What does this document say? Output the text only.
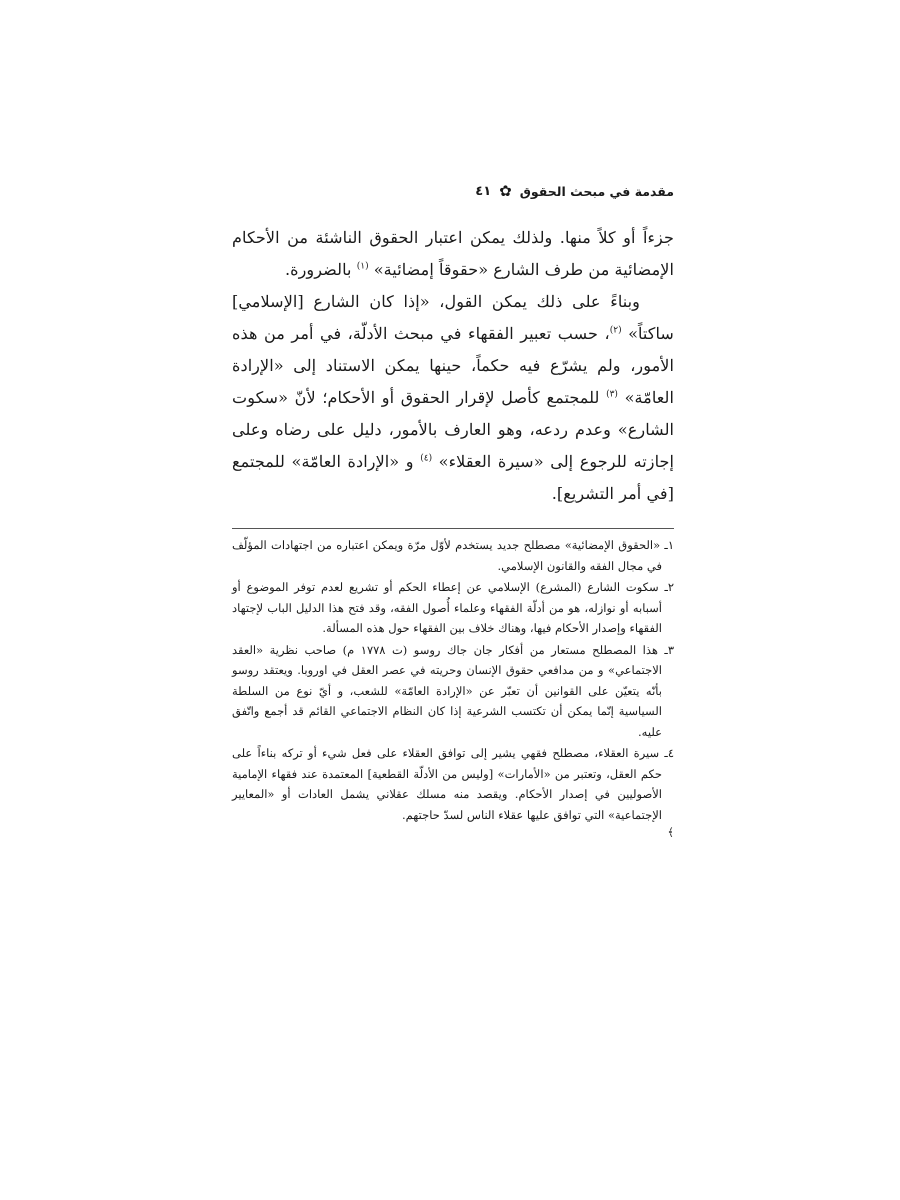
مقدمة في مبحث الحقوق
✿
٤١

جزءاً أو كلاً منها. ولذلك يمكن اعتبار الحقوق الناشئة من الأحكام الإمضائية من طرف الشارع «حقوقاً إمضائية» $^{(١)}$ بالضرورة.

وبناءً على ذلك يمكن القول، «إذا كان الشارع [الإسلامي] ساكتاً» $^{(٢)}$، حسب تعبير الفقهاء في مبحث الأدلّة، في أمر من هذه الأمور، ولم يشرّع فيه حكماً، حينها يمكن الاستناد إلى «الإرادة العامّة» $^{(٣)}$ للمجتمع كأصل لإقرار الحقوق أو الأحكام؛ لأنّ «سكوت الشارع» وعدم ردعه، وهو العارف بالأمور، دليل على رضاه وعلى إجازته للرجوع إلى «سيرة العقلاء» $^{(٤)}$ و «الإرادة العامّة» للمجتمع [في أمر التشريع].

١ـ «الحقوق الإمضائية» مصطلح جديد يستخدم لأوّل مرّة ويمكن اعتباره من اجتهادات المؤلّف في مجال الفقه والقانون الإسلامي.

٢ـ سكوت الشارع (المشرع) الإسلامي عن إعطاء الحكم أو تشريع لعدم توفر الموضوع أو أسبابه أو نوازله، هو من أدلّة الفقهاء وعلماء أُصول الفقه، وقد فتح هذا الدليل الباب لإجتهاد الفقهاء وإصدار الأحكام فيها، وهناك خلاف بين الفقهاء حول هذه المسألة.

٣ـ هذا المصطلح مستعار من أفكار جان جاك روسو (ت ١٧٧٨ م) صاحب نظرية «العقد الاجتماعي» و من مدافعي حقوق الإنسان وحريته في عصر العقل في اوروبا. ويعتقد روسو بأنّه يتعيّن على القوانين أن تعبّر عن «الإرادة العامّة» للشعب، و أيّ نوع من السلطة السياسية إنّما يمكن أن تكتسب الشرعية إذا كان النظام الاجتماعي القائم قد أجمع واتّفق عليه.

٤ـ سيرة العقلاء، مصطلح فقهي يشير إلى توافق العقلاء على فعل شيء أو تركه بناءاً على حكم العقل، وتعتبر من «الأمارات» [وليس من الأدلّة القطعية] المعتمدة عند فقهاء الإمامية الأصوليين في إصدار الأحكام. ويقصد منه مسلك عقلاني يشمل العادات أو «المعايير الإجتماعية» التي توافق عليها عقلاء الناس لسدّ حاجتهم.

﴾
